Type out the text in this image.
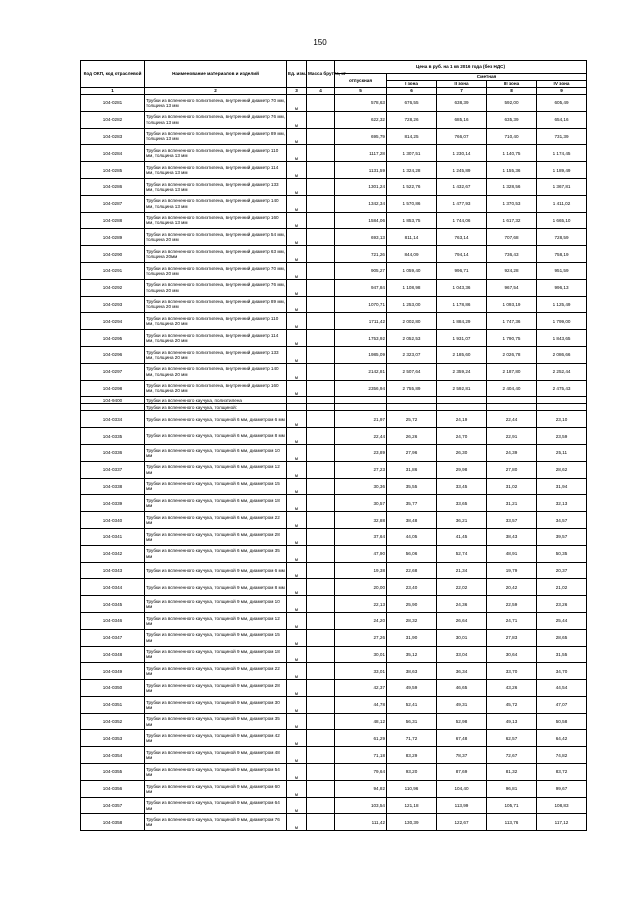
150
Код ОКП, код отраслевой	Наименование материалов и изделий	Ед. изм.	Масса брутто, кг	Цена в руб. на 1 кв 2016 года (без НДС)				
				отпускная	Сметная			
					I зона	II зона	III зона	IV зона
1	2	3	4	5	6	7	8	9
104-0281	Трубки из вспененного полиэтилена, внутренний диаметр 70 мм, толщина 13 мм	м		578,63	676,55	638,39	592,00	605,49
104-0282	Трубки из вспененного полиэтилена, внутренний диаметр 76 мм, толщина 13 мм	м		622,32	728,26	685,16	635,39	654,16
104-0283	Трубки из вспененного полиэтилена, внутренний диаметр 89 мм, толщина 13 мм	м		695,79	814,25	766,07	710,40	731,39
104-0284	Трубки из вспененного полиэтилена, внутренний диаметр 110 мм, толщина 13 мм	м		1117,28	1 307,51	1 230,14	1 140,75	1 174,45
104-0285	Трубки из вспененного полиэтилена, внутренний диаметр 114 мм, толщина 13 мм	м		1131,59	1 324,28	1 245,89	1 155,36	1 189,49
104-0286	Трубки из вспененного полиэтилена, внутренний диаметр 133 мм, толщина 13 мм	м		1301,24	1 522,76	1 432,67	1 328,56	1 367,81
104-0287	Трубки из вспененного полиэтилена, внутренний диаметр 140 мм, толщина 13 мм	м		1342,34	1 570,86	1 477,93	1 370,53	1 411,02
104-0288	Трубки из вспененного полиэтилена, внутренний диаметр 160 мм, толщина 13 мм	м		1584,06	1 853,75	1 744,06	1 617,32	1 665,10
104-0289	Трубки из вспененного полиэтилена, внутренний диаметр 54 мм, толщина 20 мм	м		693,13	811,14	763,14	707,68	728,59
104-0290	Трубки из вспененного полиэтилена, внутренний диаметр 63 мм, толщина 20мм	м		721,26	844,09	794,14	736,43	758,19
104-0291	Трубки из вспененного полиэтилена, внутренний диаметр 70 мм, толщина 20 мм	м		905,27	1 059,40	996,71	924,28	951,59
104-0292	Трубки из вспененного полиэтилена, внутренний диаметр 76 мм, толщина 20 мм	м		947,84	1 108,98	1 043,36	967,54	996,13
104-0293	Трубки из вспененного полиэтилена, внутренний диаметр 89 мм, толщина 20 мм	м		1070,71	1 253,00	1 178,86	1 093,19	1 125,49
104-0294	Трубки из вспененного полиэтилена, внутренний диаметр 110 мм, толщина 20 мм	м		1711,42	2 002,80	1 884,29	1 747,36	1 799,00
104-0295	Трубки из вспененного полиэтилена, внутренний диаметр 114 мм, толщина 20 мм	м		1753,92	2 052,53	1 931,07	1 790,75	1 843,65
104-0296	Трубки из вспененного полиэтилена, внутренний диаметр 133 мм, толщина 20 мм	м		1985,09	2 323,07	2 185,60	2 026,78	2 086,66
104-0297	Трубки из вспененного полиэтилена, внутренний диаметр 140 мм, толщина 20 мм	м		2142,81	2 507,64	2 359,24	2 187,80	2 252,44
104-0298	Трубки из вспененного полиэтилена, внутренний диаметр 160 мм, толщина 20 мм	м		2356,94	2 755,89	2 592,81	2 404,40	2 475,43
104-9400	Трубки из вспененного каучука, полиэтилена							
	Трубки из вспененного каучука, толщиной:							
104-0334	Трубки из вспененного каучука, толщиной 6 мм, диаметром 6 мм	м		21,97	25,72	24,19	22,44	23,10
104-0335	Трубки из вспененного каучука, толщиной 6 мм, диаметром 8 мм	м		22,44	26,26	24,70	22,91	23,59
104-0336	Трубки из вспененного каучука, толщиной 6 мм, диаметром 10 мм	м		23,89	27,96	26,30	24,39	25,11
104-0337	Трубки из вспененного каучука, толщиной 6 мм, диаметром 12 мм	м		27,23	31,86	29,98	27,80	28,62
104-0338	Трубки из вспененного каучука, толщиной 6 мм, диаметром 15 мм	м		30,36	35,55	33,45	31,02	31,94
104-0339	Трубки из вспененного каучука, толщиной 6 мм, диаметром 18 мм	м		30,57	35,77	33,65	31,21	32,13
104-0340	Трубки из вспененного каучука, толщиной 6 мм, диаметром 22 мм	м		32,88	38,48	36,21	33,57	34,57
104-0341	Трубки из вспененного каучука, толщиной 6 мм, диаметром 28 мм	м		37,64	44,05	41,45	38,43	39,57
104-0342	Трубки из вспененного каучука, толщиной 6 мм, диаметром 35 мм	м		47,90	56,06	52,74	48,91	50,35
104-0343	Трубки из вспененного каучука, толщиной 9 мм, диаметром 6 мм	м		19,38	22,68	21,34	19,79	20,37
104-0344	Трубки из вспененного каучука, толщиной 9 мм, диаметром 8 мм	м		20,00	23,40	22,02	20,42	21,02
104-0345	Трубки из вспененного каучука, толщиной 9 мм, диаметром 10 мм	м		22,13	25,90	24,36	22,59	23,26
104-0346	Трубки из вспененного каучука, толщиной 9 мм, диаметром 12 мм	м		24,20	28,32	26,64	24,71	25,44
104-0347	Трубки из вспененного каучука, толщиной 9 мм, диаметром 15 мм	м		27,26	31,90	30,01	27,83	28,65
104-0348	Трубки из вспененного каучука, толщиной 9 мм, диаметром 18 мм	м		30,01	35,12	33,04	30,64	31,55
104-0349	Трубки из вспененного каучука, толщиной 9 мм, диаметром 22 мм	м		33,01	38,63	36,34	33,70	34,70
104-0350	Трубки из вспененного каучука, толщиной 9 мм, диаметром 28 мм	м		42,37	49,59	46,65	43,26	44,54
104-0351	Трубки из вспененного каучука, толщиной 9 мм, диаметром 30 мм	м		44,78	52,41	49,31	45,72	47,07
104-0352	Трубки из вспененного каучука, толщиной 9 мм, диаметром 35 мм	м		48,12	56,31	52,98	49,13	50,58
104-0353	Трубки из вспененного каучука, толщиной 9 мм, диаметром 42 мм	м		61,29	71,72	67,48	62,57	64,42
104-0354	Трубки из вспененного каучука, толщиной 9 мм, диаметром 48 мм	м		71,18	83,29	78,37	72,67	74,82
104-0355	Трубки из вспененного каучука, толщиной 9 мм, диаметром 54 мм	м		79,64	93,20	87,69	81,32	83,72
104-0356	Трубки из вспененного каучука, толщиной 9 мм, диаметром 60 мм	м		94,82	110,96	104,40	96,81	99,67
104-0357	Трубки из вспененного каучука, толщиной 9 мм, диаметром 64 мм	м		103,54	121,18	113,99	105,71	108,83
104-0358	Трубки из вспененного каучука, толщиной 9 мм, диаметром 76 мм	м		111,42	130,39	122,67	113,76	117,12
